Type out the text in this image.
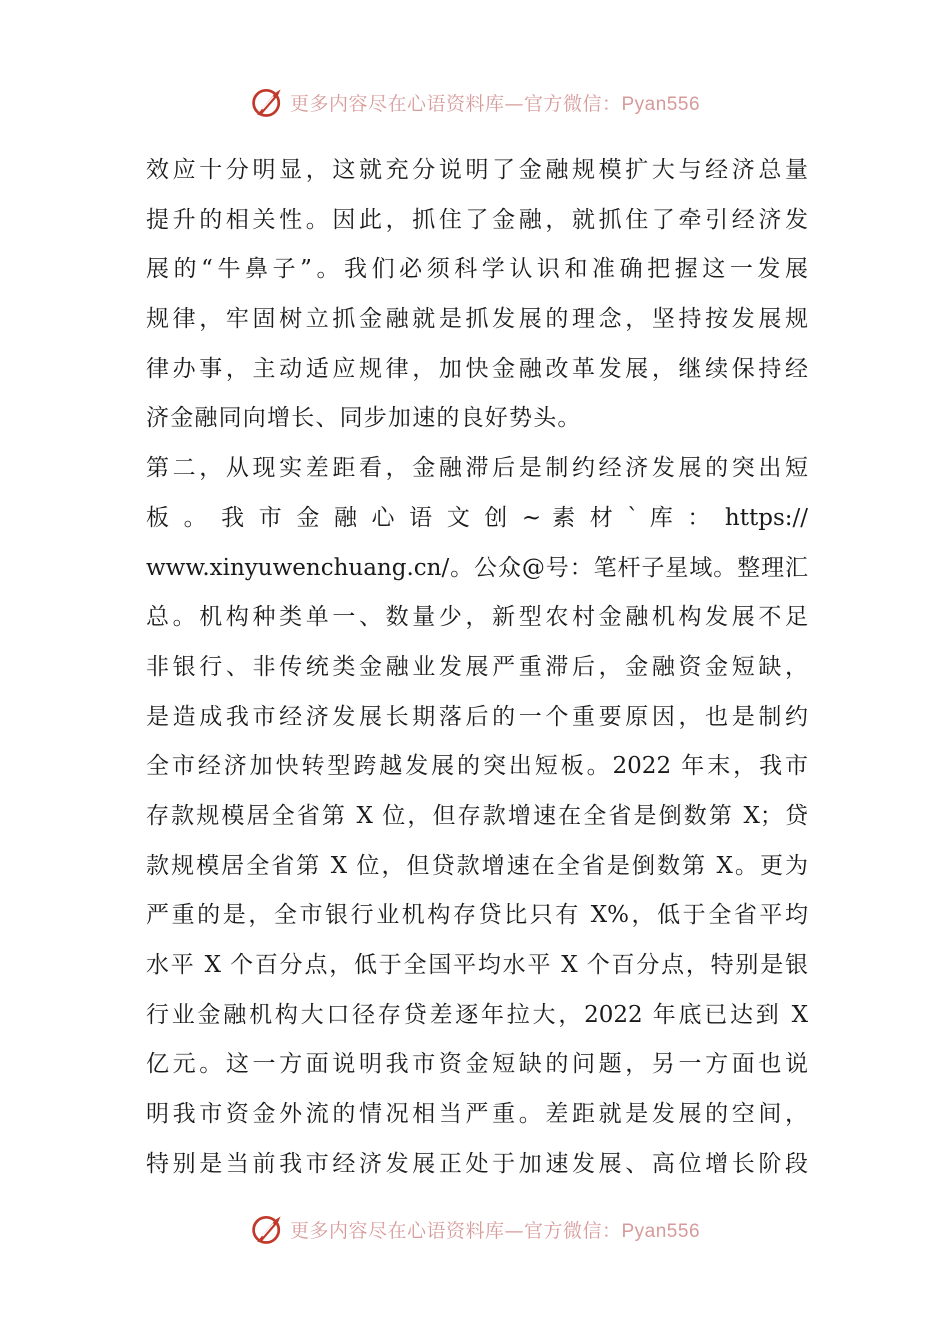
更多内容尽在心语资料库—官方微信：Pyan556
效应十分明显，这就充分说明了金融规模扩大与经济总量
提升的相关性。因此，抓住了金融，就抓住了牵引经济发
展的“牛鼻子”。我们必须科学认识和准确把握这一发展
规律，牢固树立抓金融就是抓发展的理念，坚持按发展规
律办事，主动适应规律，加快金融改革发展，继续保持经
济金融同向增长、同步加速的良好势头。
第二，从现实差距看，金融滞后是制约经济发展的突出短
板 。 我 市 金 融 心 语 文 创 ~ 素 材 ` 库 ： https://
www.xinyuwenchuang.cn/。公众@号：笔杆子星域。整理汇
总。机构种类单一、数量少，新型农村金融机构发展不足
非银行、非传统类金融业发展严重滞后，金融资金短缺，
是造成我市经济发展长期落后的一个重要原因，也是制约
全市经济加快转型跨越发展的突出短板。2022 年末，我市
存款规模居全省第 X 位，但存款增速在全省是倒数第 X；贷
款规模居全省第 X 位，但贷款增速在全省是倒数第 X。更为
严重的是，全市银行业机构存贷比只有 X%，低于全省平均
水平 X 个百分点，低于全国平均水平 X 个百分点，特别是银
行业金融机构大口径存贷差逐年拉大，2022 年底已达到 X
亿元。这一方面说明我市资金短缺的问题，另一方面也说
明我市资金外流的情况相当严重。差距就是发展的空间，
特别是当前我市经济发展正处于加速发展、高位增长阶段
更多内容尽在心语资料库—官方微信：Pyan556
